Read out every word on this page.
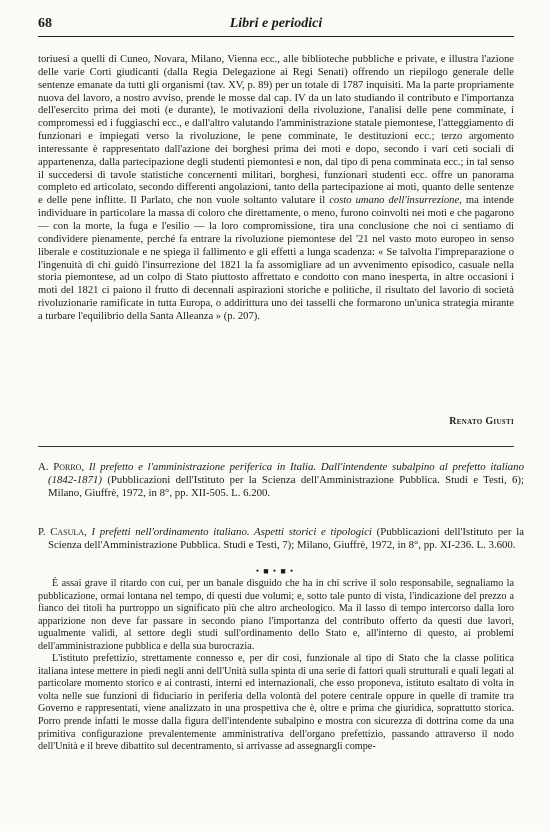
68	Libri e periodici

toriuesi a quelli di Cuneo, Novara, Milano, Vienna ecc., alle biblioteche pubbliche e private, e illustra l'azione delle varie Corti giudicanti (dalla Regia Delegazione ai Regi Senati) offrendo un riepilogo generale delle sentenze emanate da tutti gli organismi (tav. XV, p. 89) per un totale di 1787 inquisiti. Ma la parte propriamente nuova del lavoro, a nostro avviso, prende le mosse dal cap. IV da un lato studiando il contributo e l'importanza dell'esercito prima dei moti (e durante), le motivazioni della rivoluzione, l'analisi delle pene comminate, i compromessi ed i fuggiaschi ecc., e dall'altro valutando l'amministrazione statale piemontese, l'atteggiamento di funzionari e impiegati verso la rivoluzione, le pene comminate, le destituzioni ecc.; terzo argomento interessante è rappresentato dall'azione dei borghesi prima dei moti e dopo, secondo i vari ceti sociali di appartenenza, dalla partecipazione degli studenti piemontesi e non, dal tipo di pena comminata ecc.; in tal senso il succedersi di tavole statistiche concernenti militari, borghesi, funzionari studenti ecc. offre un panorama completo ed articolato, secondo differenti angolazioni, tanto della partecipazione ai moti, quanto delle sentenze e delle pene inflitte. Il Parlato, che non vuole soltanto valutare il costo umano dell'insurrezione, ma intende individuare in particolare la massa di coloro che direttamente, o meno, furono coinvolti nei moti e che pagarono — con la morte, la fuga e l'esilio — la loro compromissione, tira una conclusione che noi ci sentiamo di condividere pienamente, perché fa entrare la rivoluzione piemontese del '21 nel vasto moto europeo in senso liberale e costituzionale e ne spiega il fallimento e gli effetti a lunga scadenza: « Se talvolta l'impreparazione o l'ingenuità di chi guidò l'insurrezione del 1821 la fa assomigliare ad un avvenimento episodico, casuale nella storia piemontese, ad un colpo di Stato piuttosto affrettato e condotto con mano inesperta, in altre occasioni i moti del 1821 ci paiono il frutto di decennali aspirazioni storiche e politiche, il risultato del lavorio di società rivoluzionarie ramificate in tutta Europa, o addirittura uno dei tasselli che formarono un'unica strategia mirante a turbare l'equilibrio della Santa Alleanza » (p. 207).

Renato Giusti
A. Porro, Il prefetto e l'amministrazione periferica in Italia. Dall'intendente subalpino al prefetto italiano (1842-1871) (Pubblicazioni dell'Istituto per la Scienza dell'Amministrazione Pubblica. Studi e Testi, 6); Milano, Giuffrè, 1972, in 8°, pp. XII-505. L. 6.200.
P. Casula, I prefetti nell'ordinamento italiano. Aspetti storici e tipologici (Pubblicazioni dell'Istituto per la Scienza dell'Amministrazione Pubblica. Studi e Testi, 7); Milano, Giuffrè, 1972, in 8°, pp. XI-236. L. 3.600.
• ■ • ■ •

È assai grave il ritardo con cui, per un banale disguido che ha in chi scrive il solo responsabile, segnaliamo la pubblicazione, ormai lontana nel tempo, di questi due volumi; e, sotto tale punto di vista, l'indicazione del prezzo a fianco dei titoli ha purtroppo un significato più che altro archeologico. Ma il lasso di tempo intercorso dalla loro apparizione non deve far passare in secondo piano l'importanza del contributo offerto da questi due lavori, ugualmente validi, al settore degli studi sull'ordinamento dello Stato e, all'interno di questo, ai problemi dell'amministrazione pubblica e della sua burocrazia.

L'istituto prefettizio, strettamente connesso e, per dir così, funzionale al tipo di Stato che la classe politica italiana intese mettere in piedi negli anni dell'Unità sulla spinta di una serie di fattori quali strutturali e quali legati al particolare momento storico e ai contrasti, interni ed internazionali, che esso proponeva, istituto esaltato di volta in volta nelle sue funzioni di fiduciario in periferia della volontà del potere centrale oppure in quelle di tramite tra Governo e rappresentati, viene analizzato in una prospettiva che è, oltre e prima che giuridica, soprattutto storica. Porro prende infatti le mosse dalla figura dell'intendente subalpino e mostra con sicurezza di dottrina come da una primitiva configurazione prevalentemente amministrativa dell'organo prefettizio, passando attraverso il nodo dell'Unità e il breve dibattito sul decentramento, si arrivasse ad assegnargli compe-
